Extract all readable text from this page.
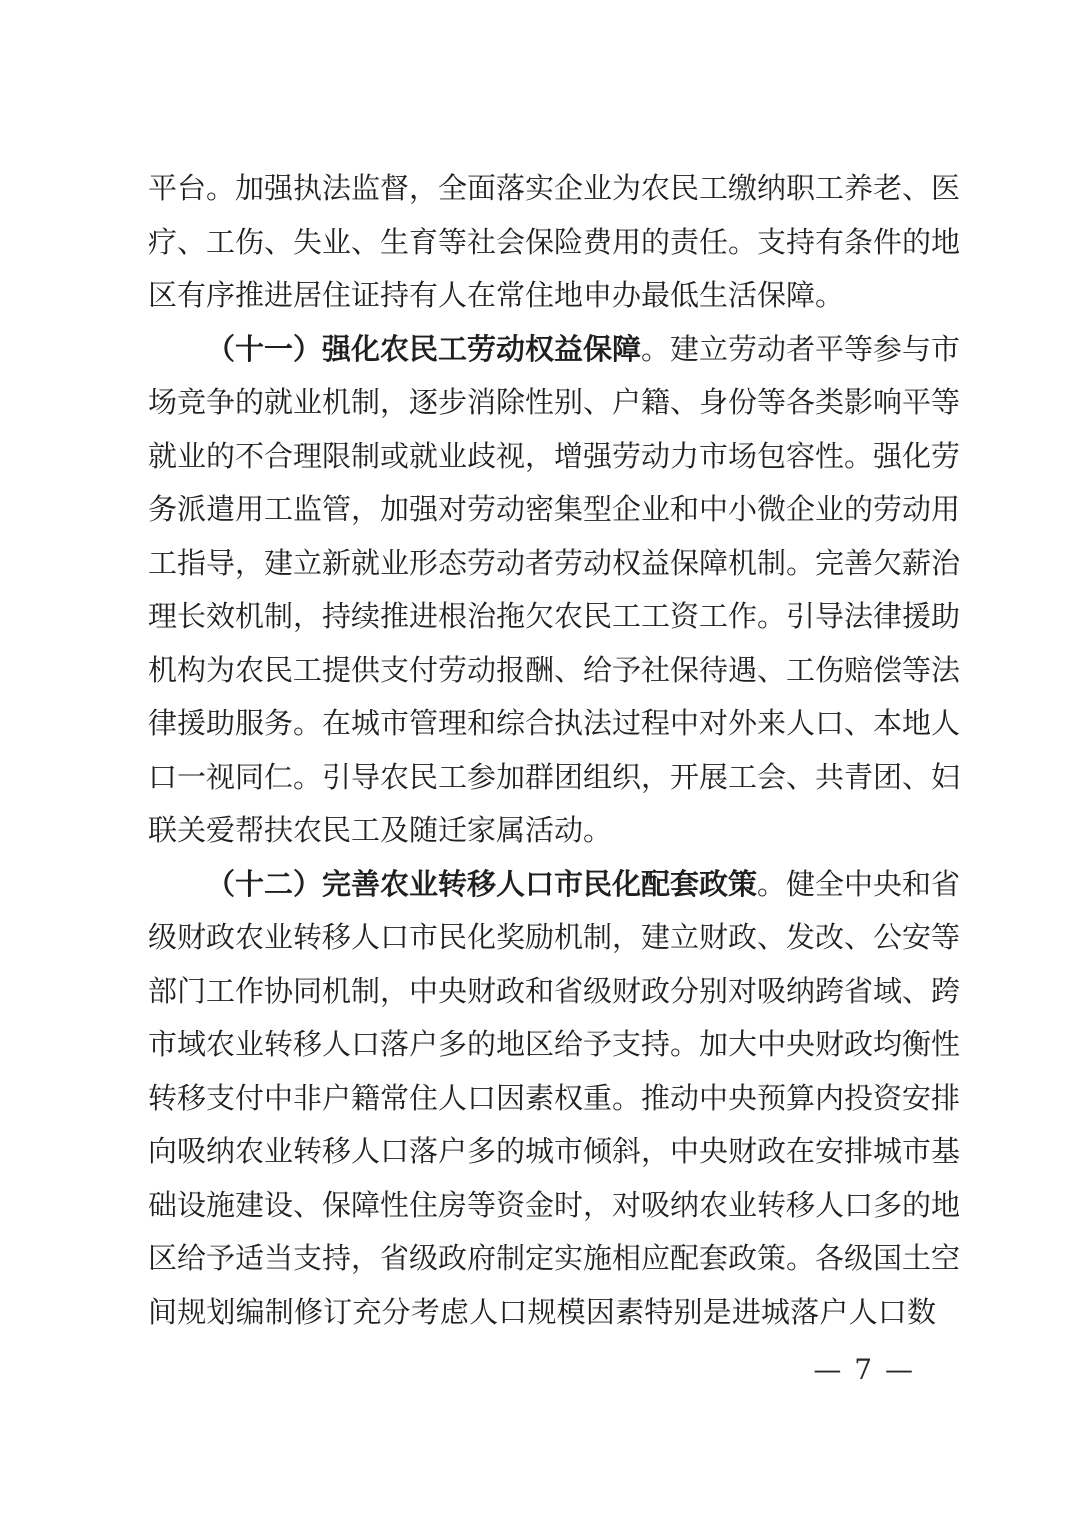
平台。加强执法监督，全面落实企业为农民工缴纳职工养老、医
疗、工伤、失业、生育等社会保险费用的责任。支持有条件的地
区有序推进居住证持有人在常住地申办最低生活保障。
（十一）强化农民工劳动权益保障。建立劳动者平等参与市
场竞争的就业机制，逐步消除性别、户籍、身份等各类影响平等
就业的不合理限制或就业歧视，增强劳动力市场包容性。强化劳
务派遣用工监管，加强对劳动密集型企业和中小微企业的劳动用
工指导，建立新就业形态劳动者劳动权益保障机制。完善欠薪治
理长效机制，持续推进根治拖欠农民工工资工作。引导法律援助
机构为农民工提供支付劳动报酬、给予社保待遇、工伤赔偿等法
律援助服务。在城市管理和综合执法过程中对外来人口、本地人
口一视同仁。引导农民工参加群团组织，开展工会、共青团、妇
联关爱帮扶农民工及随迁家属活动。
（十二）完善农业转移人口市民化配套政策。健全中央和省
级财政农业转移人口市民化奖励机制，建立财政、发改、公安等
部门工作协同机制，中央财政和省级财政分别对吸纳跨省域、跨
市域农业转移人口落户多的地区给予支持。加大中央财政均衡性
转移支付中非户籍常住人口因素权重。推动中央预算内投资安排
向吸纳农业转移人口落户多的城市倾斜，中央财政在安排城市基
础设施建设、保障性住房等资金时，对吸纳农业转移人口多的地
区给予适当支持，省级政府制定实施相应配套政策。各级国土空
间规划编制修订充分考虑人口规模因素特别是进城落户人口数
— 7 —
